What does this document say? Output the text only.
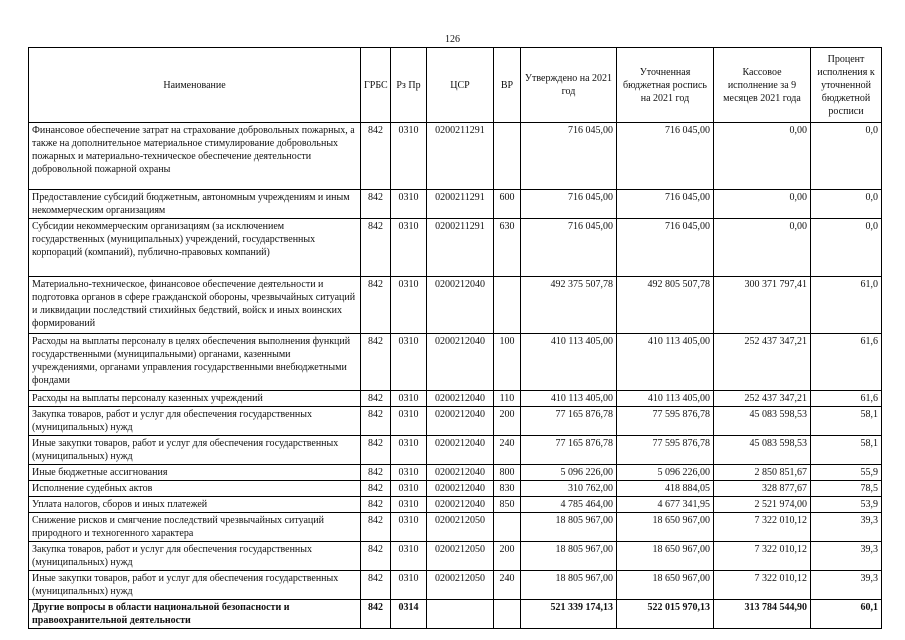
126
Наименование	ГРБС	Рз Пр	ЦСР	ВР	Утверждено на 2021 год	Уточненная бюджетная роспись на 2021 год	Кассовое исполнение за 9 месяцев 2021 года	Процент исполнения к уточненной бюджетной росписи
Финансовое обеспечение затрат на страхование добровольных пожарных, а также на дополнительное материальное стимулирование добровольных пожарных и материально-техническое обеспечение деятельности добровольной пожарной охраны	842	0310	0200211291		716 045,00	716 045,00	0,00	0,0
Предоставление субсидий бюджетным, автономным учреждениям и иным некоммерческим организациям	842	0310	0200211291	600	716 045,00	716 045,00	0,00	0,0
Субсидии некоммерческим организациям (за исключением государственных (муниципальных) учреждений, государственных корпораций (компаний), публично-правовых компаний)	842	0310	0200211291	630	716 045,00	716 045,00	0,00	0,0
Материально-техническое, финансовое обеспечение деятельности и подготовка органов в сфере гражданской обороны, чрезвычайных ситуаций и ликвидации последствий стихийных бедствий, войск и иных воинских формирований	842	0310	0200212040		492 375 507,78	492 805 507,78	300 371 797,41	61,0
Расходы на выплаты персоналу в целях обеспечения выполнения функций государственными (муниципальными) органами, казенными учреждениями, органами управления государственными внебюджетными фондами	842	0310	0200212040	100	410 113 405,00	410 113 405,00	252 437 347,21	61,6
Расходы на выплаты персоналу казенных учреждений	842	0310	0200212040	110	410 113 405,00	410 113 405,00	252 437 347,21	61,6
Закупка товаров, работ и услуг для обеспечения государственных (муниципальных) нужд	842	0310	0200212040	200	77 165 876,78	77 595 876,78	45 083 598,53	58,1
Иные закупки товаров, работ и услуг для обеспечения государственных (муниципальных) нужд	842	0310	0200212040	240	77 165 876,78	77 595 876,78	45 083 598,53	58,1
Иные бюджетные ассигнования	842	0310	0200212040	800	5 096 226,00	5 096 226,00	2 850 851,67	55,9
Исполнение судебных актов	842	0310	0200212040	830	310 762,00	418 884,05	328 877,67	78,5
Уплата налогов, сборов и иных платежей	842	0310	0200212040	850	4 785 464,00	4 677 341,95	2 521 974,00	53,9
Снижение рисков и смягчение последствий чрезвычайных ситуаций природного и техногенного характера	842	0310	0200212050		18 805 967,00	18 650 967,00	7 322 010,12	39,3
Закупка товаров, работ и услуг для обеспечения государственных (муниципальных) нужд	842	0310	0200212050	200	18 805 967,00	18 650 967,00	7 322 010,12	39,3
Иные закупки товаров, работ и услуг для обеспечения государственных (муниципальных) нужд	842	0310	0200212050	240	18 805 967,00	18 650 967,00	7 322 010,12	39,3
Другие вопросы в области национальной безопасности и правоохранительной деятельности	842	0314			521 339 174,13	522 015 970,13	313 784 544,90	60,1
